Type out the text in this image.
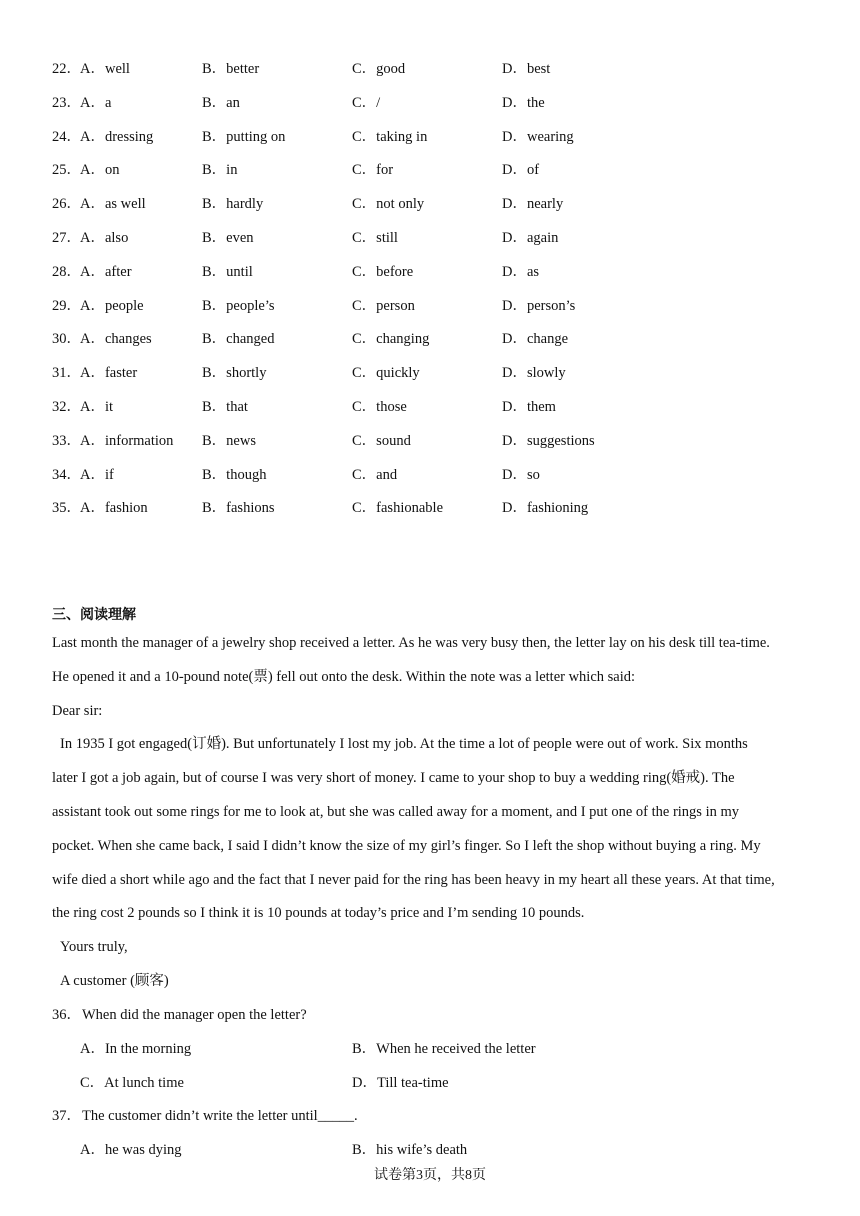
22． A．well	B．better	C．good	D．best
23． A．a	B．an	C．/	D．the
24． A．dressing	B．putting on	C．taking in	D．wearing
25． A．on	B．in	C．for	D．of
26． A．as well	B．hardly	C．not only	D．nearly
27． A．also	B．even	C．still	D．again
28． A．after	B．until	C．before	D．as
29． A．people	B．people’s	C．person	D．person’s
30． A．changes	B．changed	C．changing	D．change
31． A．faster	B．shortly	C．quickly	D．slowly
32． A．it	B．that	C．those	D．them
33． A．information B．news	C．sound	D．suggestions
34． A．if	B．though	C．and	D．so
35． A．fashion	B．fashions	C．fashionable	D．fashioning
三、阅读理解
Last month the manager of a jewelry shop received a letter. As he was very busy then, the letter lay on his desk till tea-time.
He opened it and a 10-pound note(票) fell out onto the desk. Within the note was a letter which said:
Dear sir:
In 1935 I got engaged(订婚). But unfortunately I lost my job. At the time a lot of people were out of work. Six months
later I got a job again, but of course I was very short of money. I came to your shop to buy a wedding ring(婚戒). The
assistant took out some rings for me to look at, but she was called away for a moment, and I put one of the rings in my
pocket. When she came back, I said I didn’t know the size of my girl’s finger. So I left the shop without buying a ring. My
wife died a short while ago and the fact that I never paid for the ring has been heavy in my heart all these years. At that time,
the ring cost 2 pounds so I think it is 10 pounds at today’s price and I’m sending 10 pounds.
Yours truly,
A customer (顾客)
36． When did the manager open the letter?
A．In the morning	B．When he received the letter
C．At lunch time	D．Till tea-time
37． The customer didn’t write the letter until_____.
A．he was dying	B．his wife’s death
试卷第3页，共8页
